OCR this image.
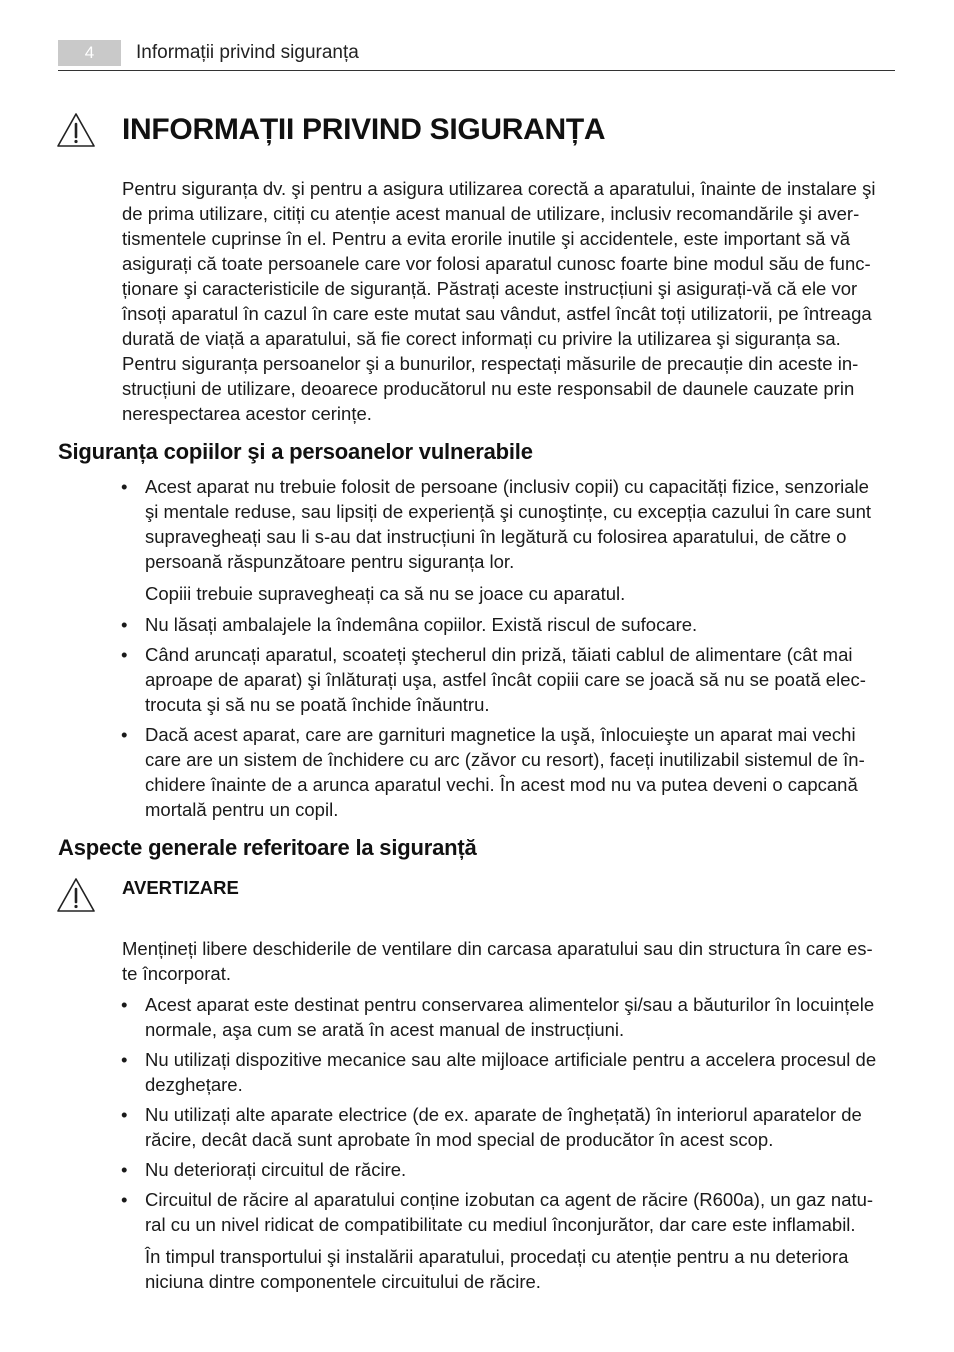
4	Informații privind siguranța
INFORMAȚII PRIVIND SIGURANȚA
Pentru siguranța dv. şi pentru a asigura utilizarea corectă a aparatului, înainte de instalare şi
de prima utilizare, citiți cu atenție acest manual de utilizare, inclusiv recomandările şi aver-
tismentele cuprinse în el. Pentru a evita erorile inutile şi accidentele, este important să vă
asigurați că toate persoanele care vor folosi aparatul cunosc foarte bine modul său de func-
ționare şi caracteristicile de siguranță. Păstrați aceste instrucțiuni şi asigurați-vă că ele vor
însoți aparatul în cazul în care este mutat sau vândut, astfel încât toți utilizatorii, pe întreaga
durată de viață a aparatului, să fie corect informați cu privire la utilizarea şi siguranța sa.
Pentru siguranța persoanelor şi a bunurilor, respectați măsurile de precauție din aceste in-
strucțiuni de utilizare, deoarece producătorul nu este responsabil de daunele cauzate prin
nerespectarea acestor cerințe.
Siguranța copiilor şi a persoanelor vulnerabile
• Acest aparat nu trebuie folosit de persoane (inclusiv copii) cu capacități fizice, senzoriale
şi mentale reduse, sau lipsiți de experiență şi cunoştințe, cu excepția cazului în care sunt
supravegheați sau li s-au dat instrucțiuni în legătură cu folosirea aparatului, de către o
persoană răspunzătoare pentru siguranța lor.
Copiii trebuie supravegheați ca să nu se joace cu aparatul.
• Nu lăsați ambalajele la îndemâna copiilor. Există riscul de sufocare.
• Când aruncați aparatul, scoateți ştecherul din priză, tăiati cablul de alimentare (cât mai
aproape de aparat) şi înlăturați uşa, astfel încât copiii care se joacă să nu se poată elec-
trocuta şi să nu se poată închide înăuntru.
• Dacă acest aparat, care are garnituri magnetice la uşă, înlocuieşte un aparat mai vechi
care are un sistem de închidere cu arc (zăvor cu resort), faceți inutilizabil sistemul de în-
chidere înainte de a arunca aparatul vechi. În acest mod nu va putea deveni o capcană
mortală pentru un copil.
Aspecte generale referitoare la siguranță
AVERTIZARE
Mențineți libere deschiderile de ventilare din carcasa aparatului sau din structura în care es-
te încorporat.
• Acest aparat este destinat pentru conservarea alimentelor şi/sau a băuturilor în locuințele
normale, aşa cum se arată în acest manual de instrucțiuni.
• Nu utilizați dispozitive mecanice sau alte mijloace artificiale pentru a accelera procesul de
dezghețare.
• Nu utilizați alte aparate electrice (de ex. aparate de înghețată) în interiorul aparatelor de
răcire, decât dacă sunt aprobate în mod special de producător în acest scop.
• Nu deteriorați circuitul de răcire.
• Circuitul de răcire al aparatului conține izobutan ca agent de răcire (R600a), un gaz natu-
ral cu un nivel ridicat de compatibilitate cu mediul înconjurător, dar care este inflamabil.
În timpul transportului şi instalării aparatului, procedați cu atenție pentru a nu deteriora
niciuna dintre componentele circuitului de răcire.
